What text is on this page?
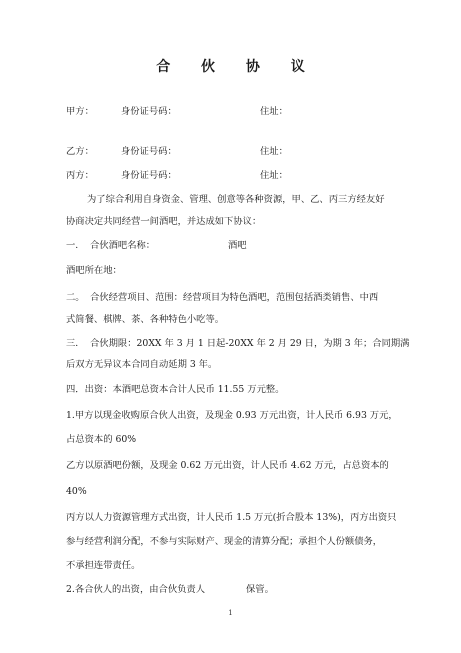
合 伙 协 议
甲方：	身份证号码：	住址：
乙方：	身份证号码：	住址：
丙方：	身份证号码：	住址：
为了综合利用自身资金、管理、创意等各种资源，甲、乙、丙三方经友好
协商决定共同经营一间酒吧，并达成如下协议：
一. 合伙酒吧名称：	酒吧
酒吧所在地：
二。 合伙经营项目、范围：经营项目为特色酒吧，范围包括酒类销售、中西
式简餐、棋牌、茶、各种特色小吃等。
三. 合伙期限：20XX 年 3 月 1 日起-20XX 年 2 月 29 日，为期 3 年；合同期满
后双方无异议本合同自动延期 3 年。
四．出资：本酒吧总资本合计人民币 11.55 万元整。
1.甲方以现金收购原合伙人出资，及现金 0.93 万元出资，计人民币 6.93 万元，
占总资本的 60%
乙方以原酒吧份额，及现金 0.62 万元出资，计人民币 4.62 万元，占总资本的
40%
丙方以人力资源管理方式出资，计人民币 1.5 万元(折合股本 13%)，丙方出资只
参与经营利润分配，不参与实际财产、现金的清算分配；承担个人份额债务，
不承担连带责任。
2.各合伙人的出资，由合伙负责人	保管。
1
